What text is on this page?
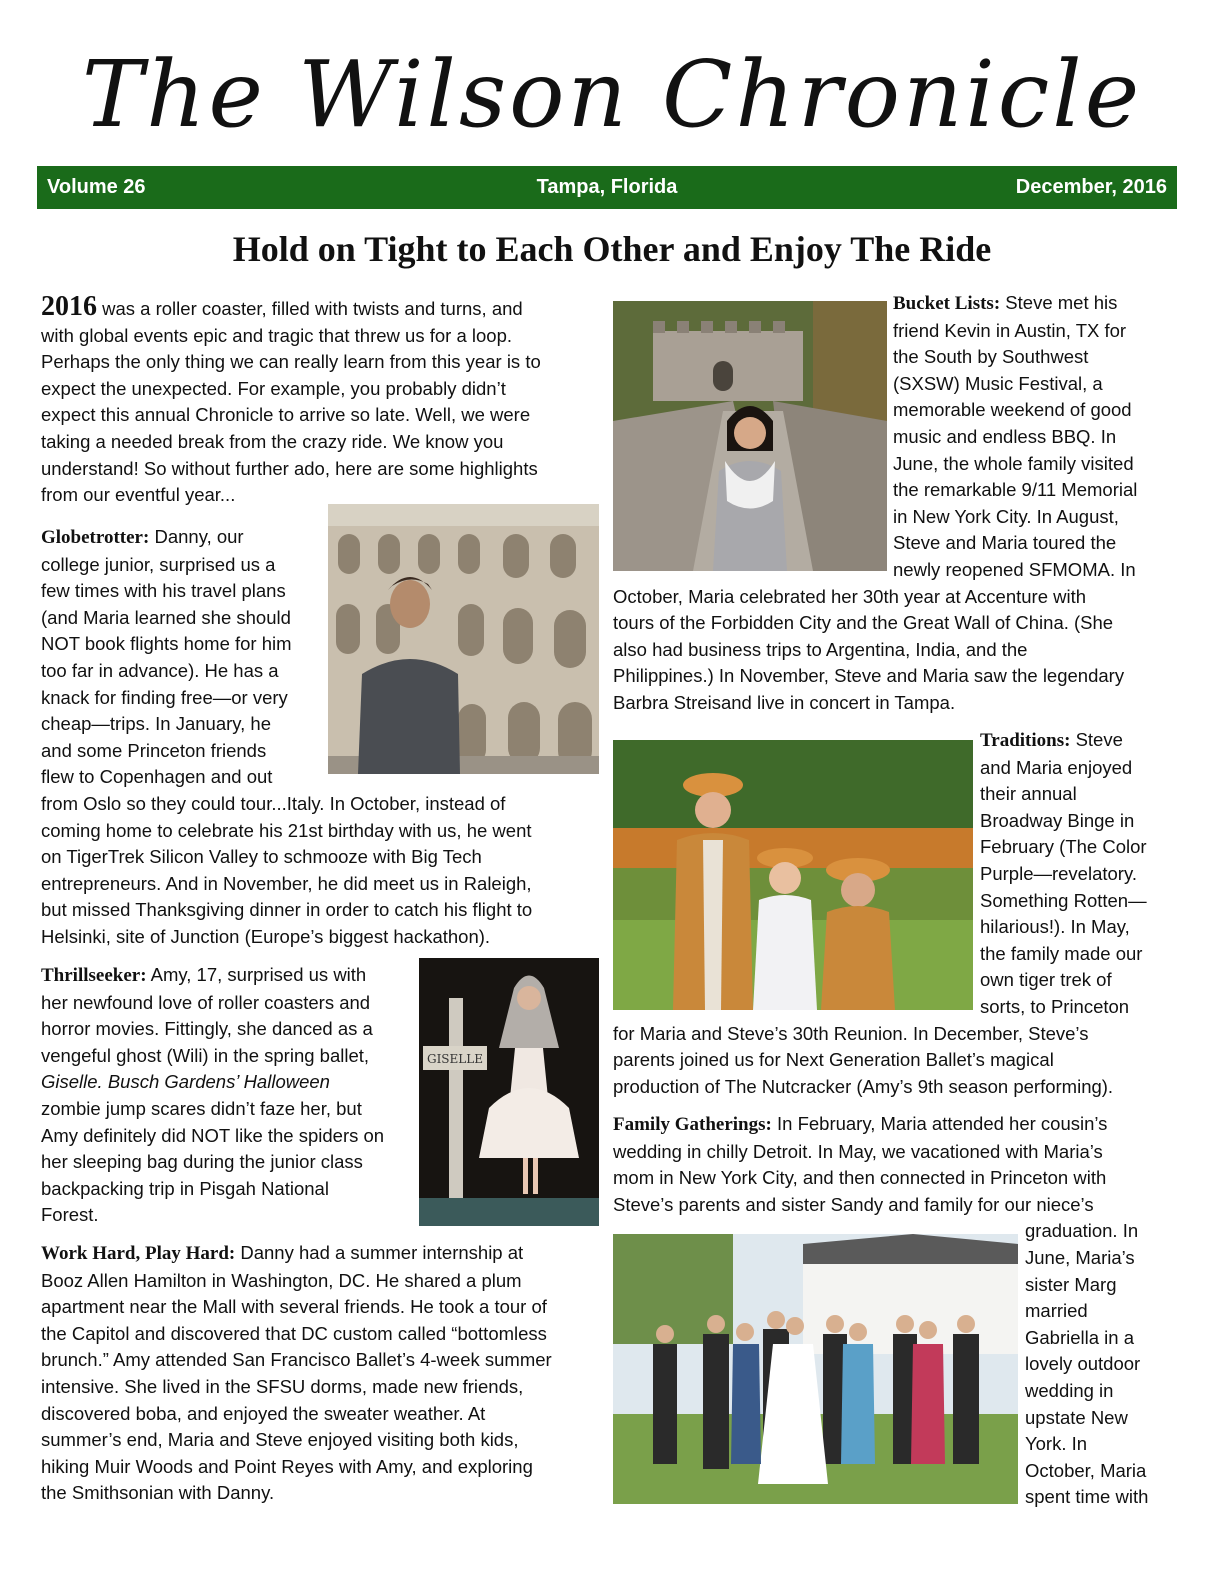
The Wilson Chronicle
Tampa, Florida
Volume 26	December, 2016
Hold on Tight to Each Other and Enjoy The Ride
2016 was a roller coaster, filled with twists and turns, and
with global events epic and tragic that threw us for a loop.
Perhaps the only thing we can really learn from this year is to
expect the unexpected. For example, you probably didn’t
expect this annual Chronicle to arrive so late. Well, we were
taking a needed break from the crazy ride. We know you
understand! So without further ado, here are some highlights
from our eventful year...
Globetrotter: Danny, our
college junior, surprised us a
few times with his travel plans
(and Maria learned she should
NOT book flights home for him
too far in advance). He has a
knack for finding free—or very
cheap—trips. In January, he
and some Princeton friends
flew to Copenhagen and out
from Oslo so they could tour...Italy. In October, instead of
coming home to celebrate his 21st birthday with us, he went
on TigerTrek Silicon Valley to schmooze with Big Tech
entrepreneurs. And in November, he did meet us in Raleigh,
but missed Thanksgiving dinner in order to catch his flight to
Helsinki, site of Junction (Europe’s biggest hackathon).
GISELLE
Thrillseeker: Amy, 17, surprised us with
her newfound love of roller coasters and
horror movies. Fittingly, she danced as a
vengeful ghost (Wili) in the spring ballet,
Giselle. Busch Gardens’ Halloween
zombie jump scares didn’t faze her, but
Amy definitely did NOT like the spiders on
her sleeping bag during the junior class
backpacking trip in Pisgah National
Forest.
Work Hard, Play Hard: Danny had a summer internship at
Booz Allen Hamilton in Washington, DC. He shared a plum
apartment near the Mall with several friends. He took a tour of
the Capitol and discovered that DC custom called “bottomless
brunch.” Amy attended San Francisco Ballet’s 4-week summer
intensive. She lived in the SFSU dorms, made new friends,
discovered boba, and enjoyed the sweater weather. At
summer’s end, Maria and Steve enjoyed visiting both kids,
hiking Muir Woods and Point Reyes with Amy, and exploring
the Smithsonian with Danny.
Bucket Lists: Steve met his
friend Kevin in Austin, TX for
the South by Southwest
(SXSW) Music Festival, a
memorable weekend of good
music and endless BBQ. In
June, the whole family visited
the remarkable 9/11 Memorial
in New York City. In August,
Steve and Maria toured the
newly reopened SFMOMA. In
October, Maria celebrated her 30th year at Accenture with
tours of the Forbidden City and the Great Wall of China. (She
also had business trips to Argentina, India, and the
Philippines.) In November, Steve and Maria saw the legendary
Barbra Streisand live in concert in Tampa.
Traditions: Steve
and Maria enjoyed
their annual
Broadway Binge in
February (The Color
Purple—revelatory.
Something Rotten—
hilarious!). In May,
the family made our
own tiger trek of
sorts, to Princeton
for Maria and Steve’s 30th Reunion. In December, Steve’s
parents joined us for Next Generation Ballet’s magical
production of The Nutcracker (Amy’s 9th season performing).
Family Gatherings: In February, Maria attended her cousin’s
wedding in chilly Detroit. In May, we vacationed with Maria’s
mom in New York City, and then connected in Princeton with
Steve’s parents and sister Sandy and family for our niece’s
graduation. In
June, Maria’s
sister Marg
married
Gabriella in a
lovely outdoor
wedding in
upstate New
York. In
October, Maria
spent time with
